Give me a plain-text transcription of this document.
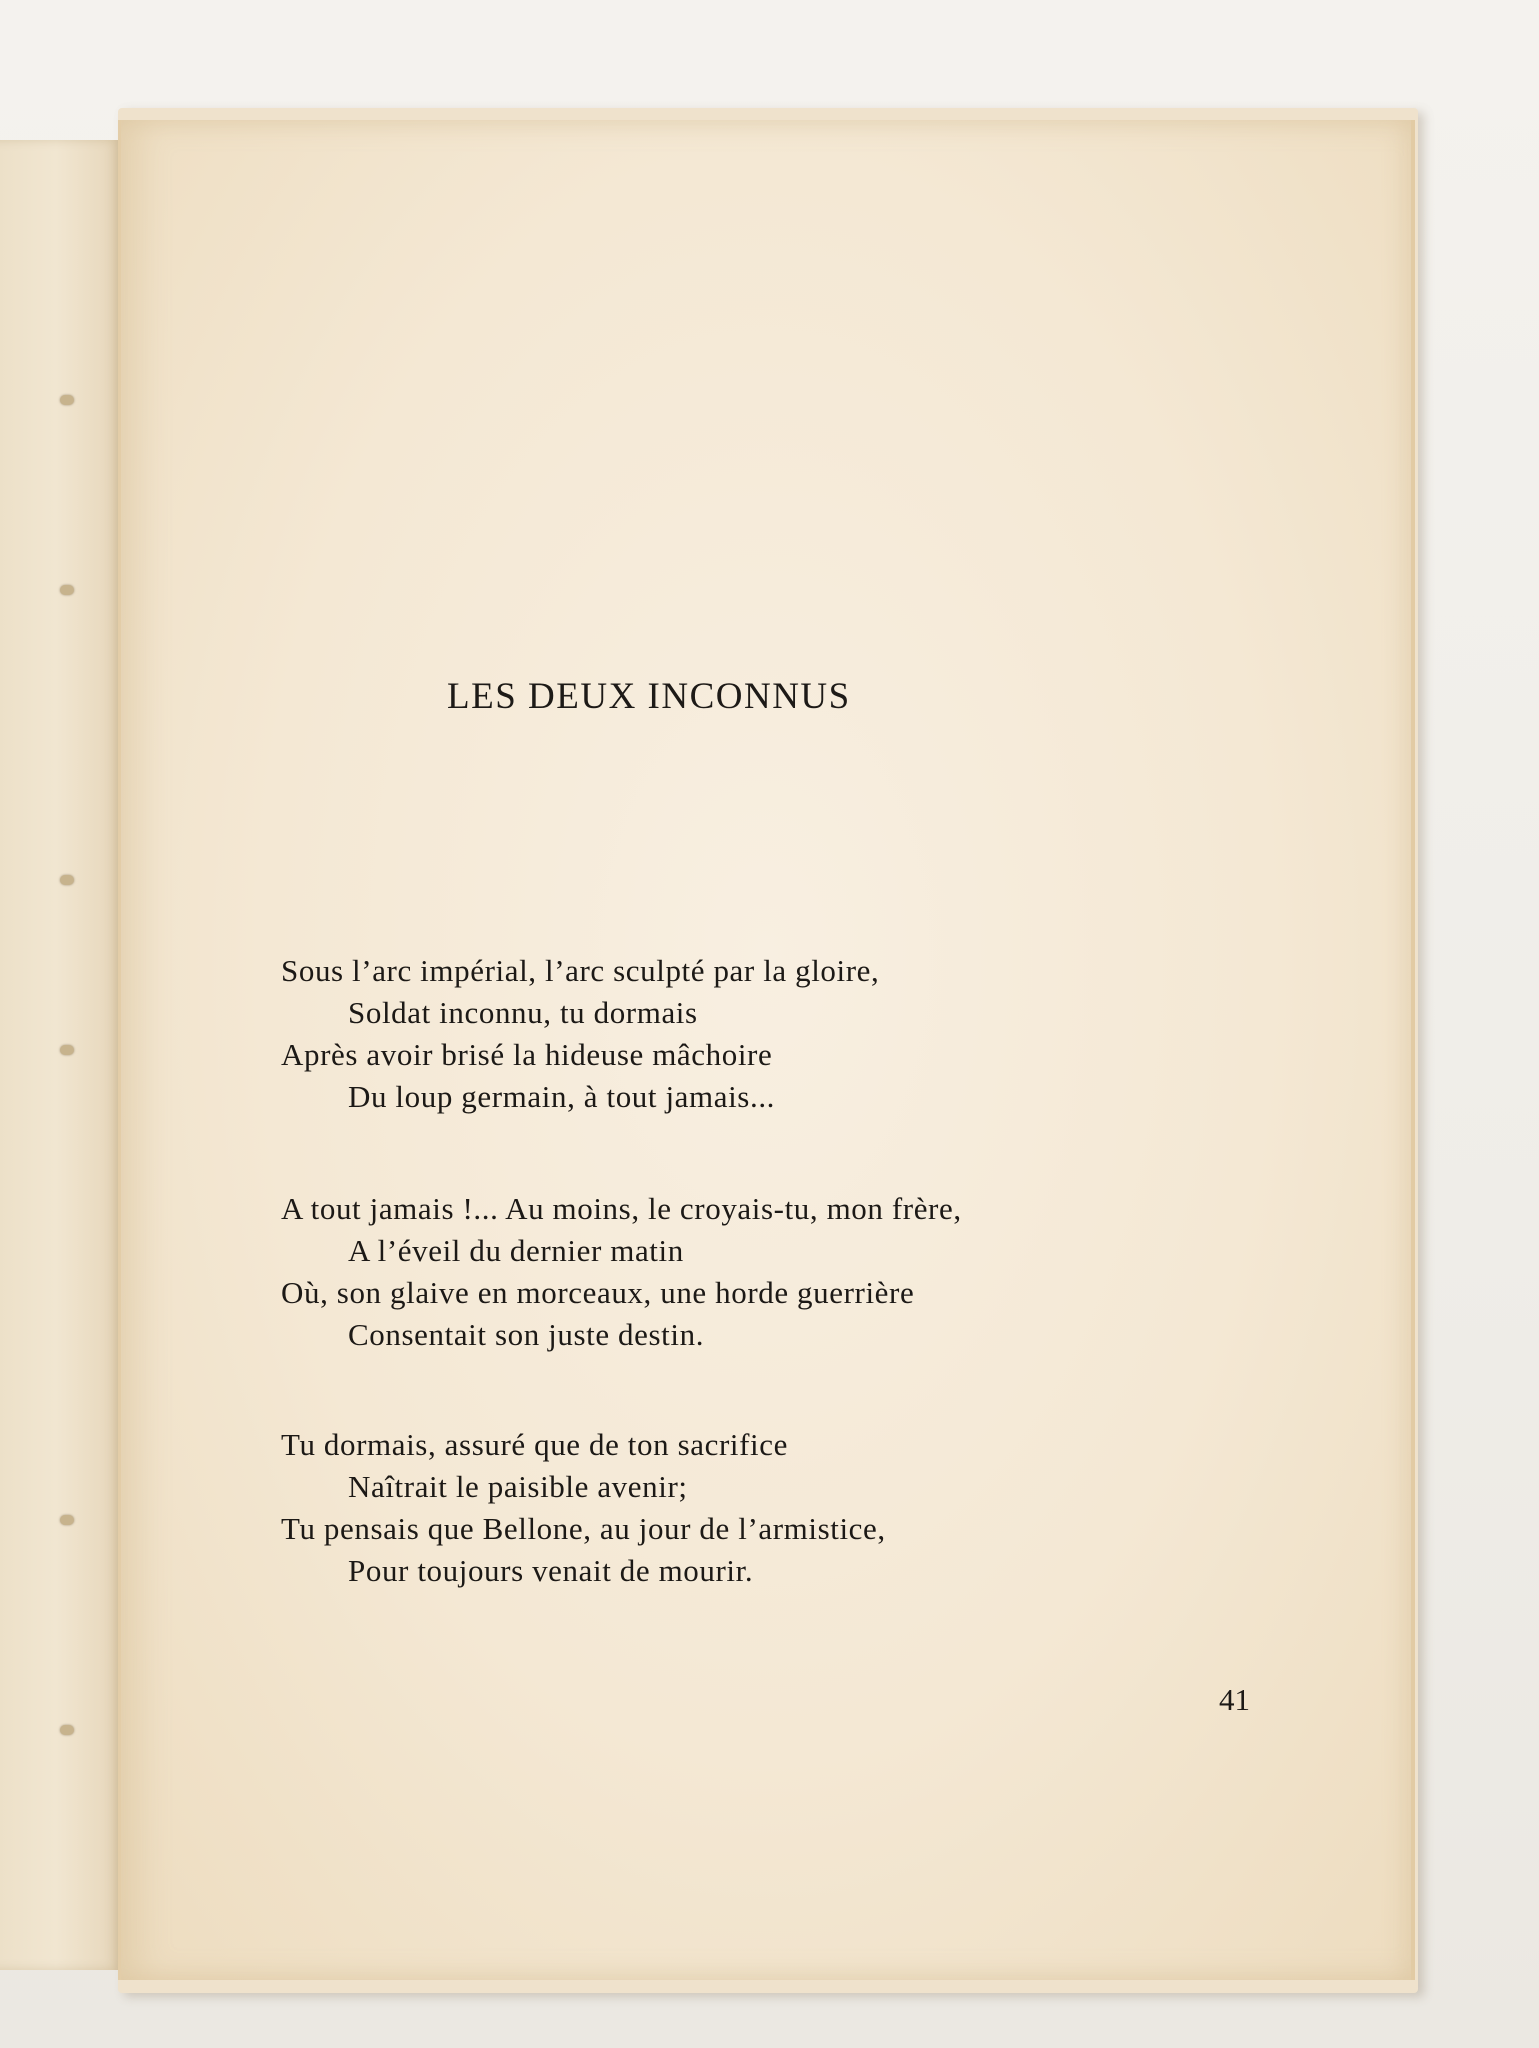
LES DEUX INCONNUS
Sous l’arc impérial, l’arc sculpté par la gloire,
Soldat inconnu, tu dormais
Après avoir brisé la hideuse mâchoire
Du loup germain, à tout jamais...
A tout jamais !... Au moins, le croyais-tu, mon frère,
A l’éveil du dernier matin
Où, son glaive en morceaux, une horde guerrière
Consentait son juste destin.
Tu dormais, assuré que de ton sacrifice
Naîtrait le paisible avenir;
Tu pensais que Bellone, au jour de l’armistice,
Pour toujours venait de mourir.
41
